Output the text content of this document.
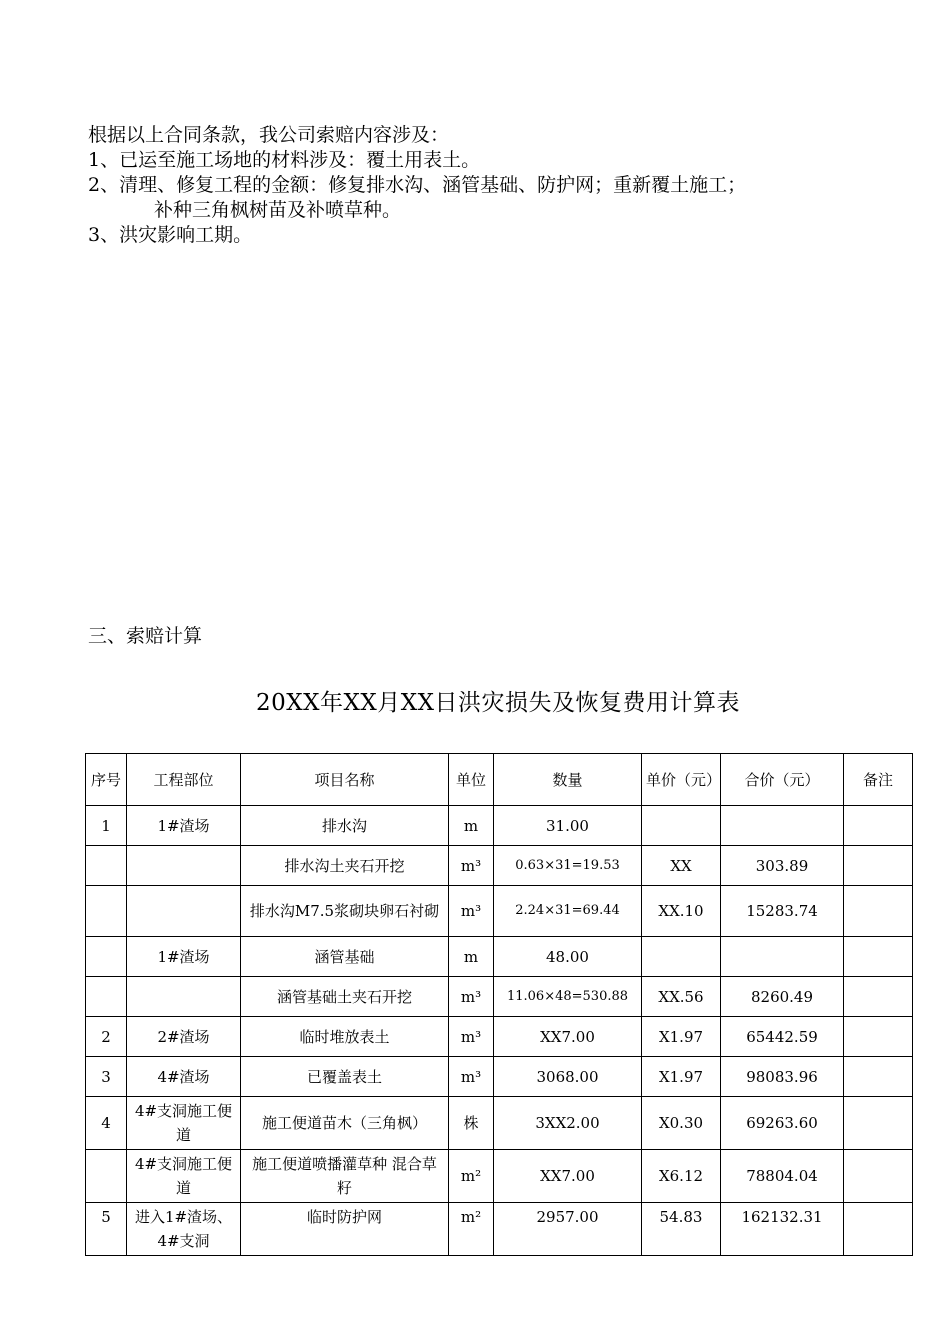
根据以上合同条款，我公司索赔内容涉及：

1、已运至施工场地的材料涉及：覆土用表土。

2、清理、修复工程的金额：修复排水沟、涵管基础、防护网；重新覆土施工；

补种三角枫树苗及补喷草种。

3、洪灾影响工期。

三、索赔计算
20XX年XX月XX日洪灾损失及恢复费用计算表
序号	工程部位	项目名称	单位	数量	单价（元）	合价（元）	备注
1	1#渣场	排水沟	m	31.00			
		排水沟土夹石开挖	m³	0.63×31=19.53	XX	303.89	
		排水沟M7.5浆砌块卵石衬砌	m³	2.24×31=69.44	XX.10	15283.74	
	1#渣场	涵管基础	m	48.00			
		涵管基础土夹石开挖	m³	11.06×48=530.88	XX.56	8260.49	
2	2#渣场	临时堆放表土	m³	XX7.00	X1.97	65442.59	
3	4#渣场	已覆盖表土	m³	3068.00	X1.97	98083.96	
4	4#支洞施工便道	施工便道苗木（三角枫）	株	3XX2.00	X0.30	69263.60	
	4#支洞施工便道	施工便道喷播灌草种 混合草籽	m²	XX7.00	X6.12	78804.04	
5	进入1#渣场、4#支洞	临时防护网	m²	2957.00	54.83	162132.31	
